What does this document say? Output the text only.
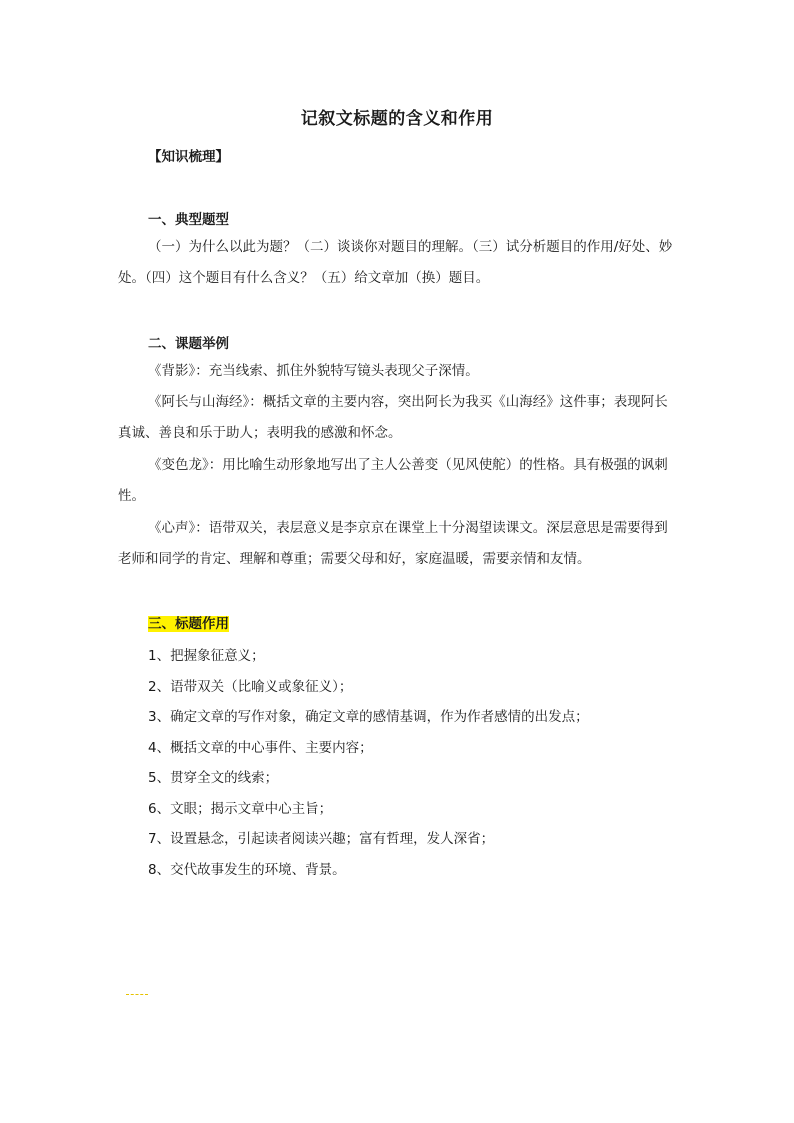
记叙文标题的含义和作用
【知识梳理】
一、典型题型

（一）为什么以此为题？（二）谈谈你对题目的理解。（三）试分析题目的作用/好处、妙处。（四）这个题目有什么含义？（五）给文章加（换）题目。

二、课题举例

《背影》：充当线索、抓住外貌特写镜头表现父子深情。

《阿长与山海经》：概括文章的主要内容，突出阿长为我买《山海经》这件事；表现阿长真诚、善良和乐于助人；表明我的感激和怀念。

《变色龙》：用比喻生动形象地写出了主人公善变（见风使舵）的性格。具有极强的讽刺性。

《心声》：语带双关，表层意义是李京京在课堂上十分渴望读课文。深层意思是需要得到老师和同学的肯定、理解和尊重；需要父母和好，家庭温暖，需要亲情和友情。

三、标题作用
1、把握象征意义；
2、语带双关（比喻义或象征义）；
3、确定文章的写作对象，确定文章的感情基调，作为作者感情的出发点；
4、概括文章的中心事件、主要内容；
5、贯穿全文的线索；
6、文眼；揭示文章中心主旨；
7、设置悬念，引起读者阅读兴趣；富有哲理，发人深省；
8、交代故事发生的环境、背景。
